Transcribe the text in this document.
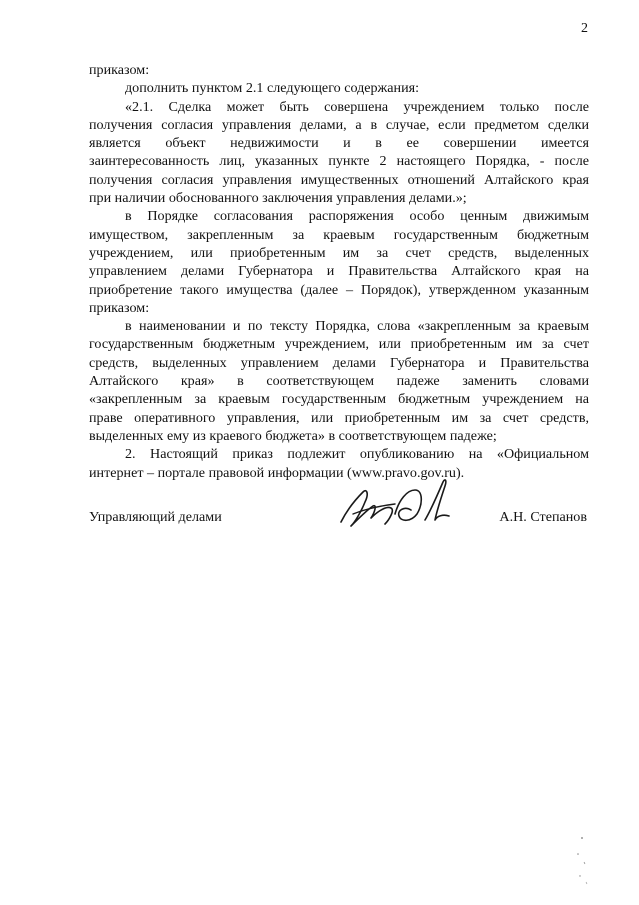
2
приказом:
дополнить пунктом 2.1 следующего содержания:
«2.1. Сделка может быть совершена учреждением только после
получения согласия управления делами, а в случае, если предметом сделки
является объект недвижимости и в ее совершении имеется
заинтересованность лиц, указанных пункте 2 настоящего Порядка, - после
получения согласия управления имущественных отношений Алтайского края
при наличии обоснованного заключения управления делами.»;
в Порядке согласования распоряжения особо ценным движимым
имуществом, закрепленным за краевым государственным бюджетным
учреждением, или приобретенным им за счет средств, выделенных
управлением делами Губернатора и Правительства Алтайского края на
приобретение такого имущества (далее – Порядок), утвержденном указанным
приказом:
в наименовании и по тексту Порядка, слова «закрепленным за краевым
государственным бюджетным учреждением, или приобретенным им за счет
средств, выделенных управлением делами Губернатора и Правительства
Алтайского края» в соответствующем падеже заменить словами
«закрепленным за краевым государственным бюджетным учреждением на
праве оперативного управления, или приобретенным им за счет средств,
выделенных ему из краевого бюджета» в соответствующем падеже;
2. Настоящий приказ подлежит опубликованию на «Официальном
интернет – портале правовой информации (www.pravo.gov.ru).
Управляющий делами	А.Н. Степанов
